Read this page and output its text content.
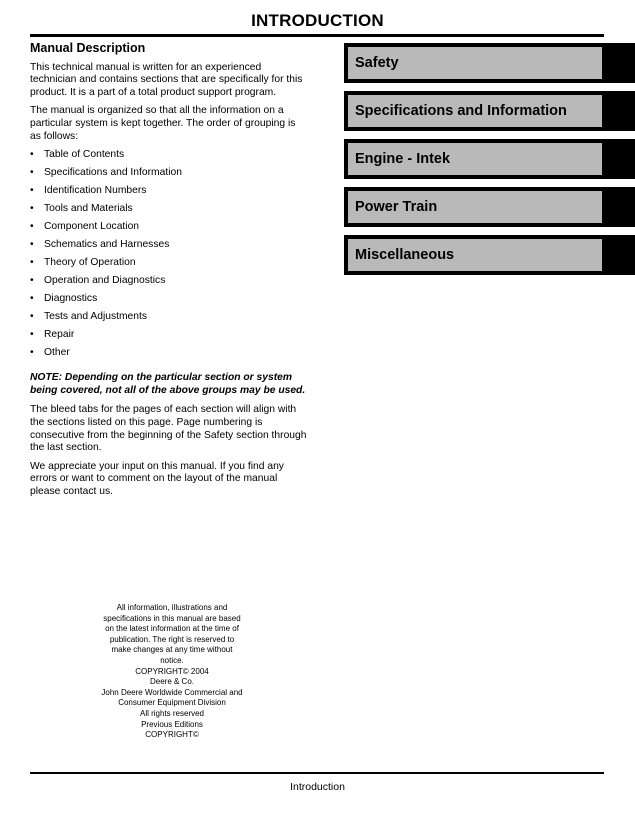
INTRODUCTION
Manual Description

This technical manual is written for an experienced technician and contains sections that are specifically for this product. It is a part of a total product support program.

The manual is organized so that all the information on a particular system is kept together. The order of grouping is as follows:

• Table of Contents
• Specifications and Information
• Identification Numbers
• Tools and Materials
• Component Location
• Schematics and Harnesses
• Theory of Operation
• Operation and Diagnostics
• Diagnostics
• Tests and Adjustments
• Repair
• Other

NOTE: Depending on the particular section or system being covered, not all of the above groups may be used.

The bleed tabs for the pages of each section will align with the sections listed on this page. Page numbering is consecutive from the beginning of the Safety section through the last section.

We appreciate your input on this manual. If you find any errors or want to comment on the layout of the manual please contact us.

Safety
Specifications and Information
Engine - Intek
Power Train
Miscellaneous
All information, illustrations and
specifications in this manual are based
on the latest information at the time of
publication. The right is reserved to
make changes at any time without
notice.
COPYRIGHT© 2004
Deere & Co.
John Deere Worldwide Commercial and
Consumer Equipment Division
All rights reserved
Previous Editions
COPYRIGHT©
Introduction
